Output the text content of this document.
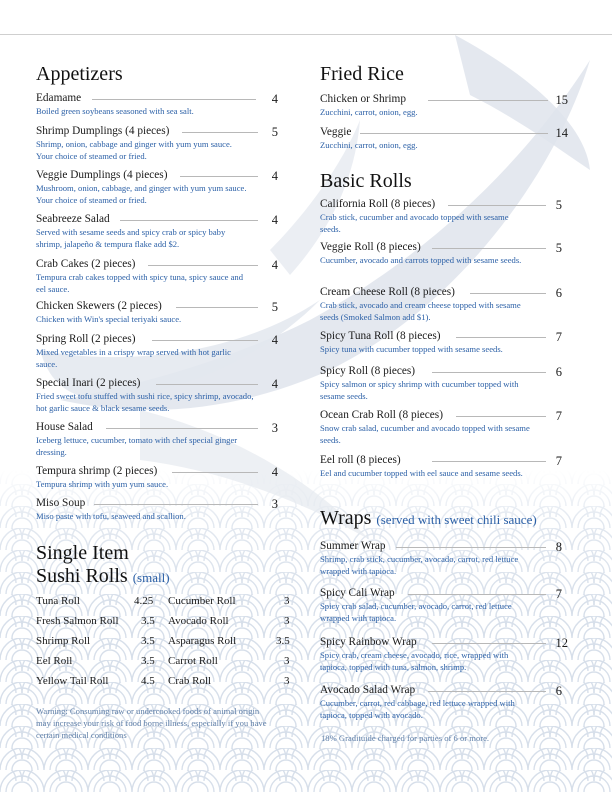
Appetizers
Edamame	4
Boiled green soybeans seasoned with sea salt.
Shrimp Dumplings (4 pieces)	5
Shrimp, onion, cabbage and ginger with yum yum sauce. Your choice of steamed or fried.
Veggie Dumplings (4 pieces)	4
Mushroom, onion, cabbage, and ginger with yum yum sauce. Your choice of steamed or fried.
Seabreeze Salad	4
Served with sesame seeds and spicy crab or spicy baby shrimp, jalapeño & tempura flake add $2.
Crab Cakes (2 pieces)	4
Tempura crab cakes topped with spicy tuna, spicy sauce and eel sauce.
Chicken Skewers (2 pieces)	5
Chicken with Win's special teriyaki sauce.
Spring Roll (2 pieces)	4
Mixed vegetables in a crispy wrap served with hot garlic sauce.
Special Inari (2 pieces)	4
Fried sweet tofu stuffed with sushi rice, spicy shrimp, avocado, hot garlic sauce & black sesame seeds.
House Salad	3
Iceberg lettuce, cucumber, tomato with chef special ginger dressing.
Tempura shrimp (2 pieces)	4
Tempura shrimp with yum yum sauce.
Miso Soup	3
Miso paste with tofu, seaweed and scallion.
Single Item
Sushi Rolls (small)
Tuna Roll	4.25 Cucumber Roll	3
Fresh Salmon Roll 3.5 Avocado Roll	3
Shrimp Roll	3.5 Asparagus Roll	3.5
Eel Roll	3.5 Carrot Roll	3
Yellow Tail Roll	4.5 Crab Roll	3
Warning: Consuming raw or undercooked foods of animal origin may increase your risk of food borne illness, especially if you have certain medical conditions
Fried Rice
Chicken or Shrimp	15
Zucchini, carrot, onion, egg.
Veggie	14
Zucchini, carrot, onion, egg.
Basic Rolls
California Roll (8 pieces)	5
Crab stick, cucumber and avocado topped with sesame seeds.
Veggie Roll (8 pieces)	5
Cucumber, avocado and carrots topped with sesame seeds.
Cream Cheese Roll (8 pieces)	6
Crab stick, avocado and cream cheese topped with sesame seeds (Smoked Salmon add $1).
Spicy Tuna Roll (8 pieces)	7
Spicy tuna with cucumber topped with sesame seeds.
Spicy Roll (8 pieces)	6
Spicy salmon or spicy shrimp with cucumber topped with sesame seeds.
Ocean Crab Roll (8 pieces)	7
Snow crab salad, cucumber and avocado topped with sesame seeds.
Eel roll (8 pieces)	7
Eel and cucumber topped with eel sauce and sesame seeds.
Wraps (served with sweet chili sauce)
Summer Wrap	8
Shrimp, crab stick, cucumber, avocado, carrot, red lettuce wrapped with tapioca.
Spicy Cali Wrap	7
Spicy crab salad, cucumber, avocado, carrot, red lettuce wrapped with tapioca.
Spicy Rainbow Wrap	12
Spicy crab, cream cheese, avocado, rice, wrapped with tapioca, topped with tuna, salmon, shrimp.
Avocado Salad Wrap	6
Cucumber, carrot, red cabbage, red lettuce wrapped with tapioca, topped with avocado.
18% Gradituide charged for parties of 6 or more.
